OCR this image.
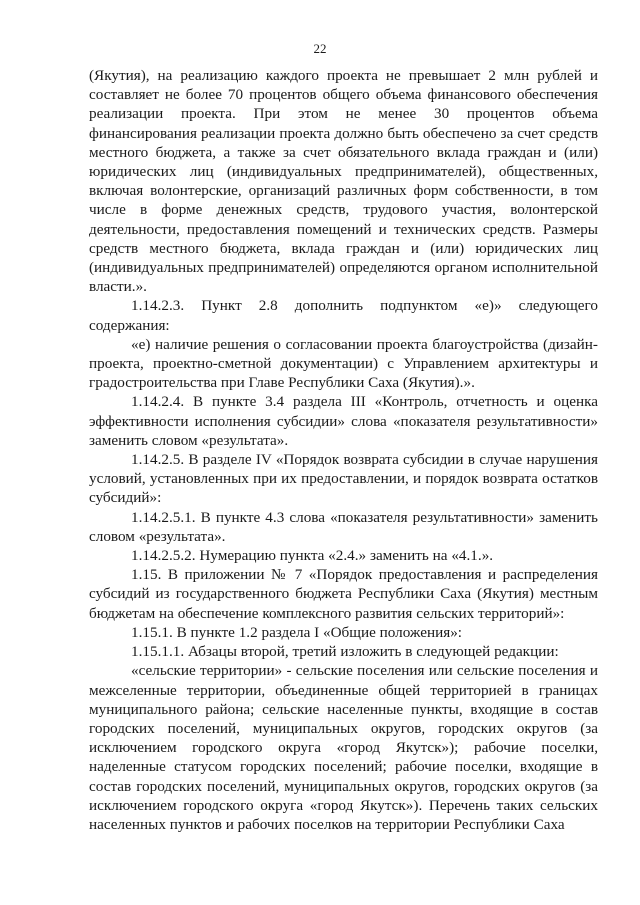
22

(Якутия), на реализацию каждого проекта не превышает 2 млн рублей и составляет не более 70 процентов общего объема финансового обеспечения реализации проекта. При этом не менее 30 процентов объема финансирования реализации проекта должно быть обеспечено за счет средств местного бюджета, а также за счет обязательного вклада граждан и (или) юридических лиц (индивидуальных предпринимателей), общественных, включая волонтерские, организаций различных форм собственности, в том числе в форме денежных средств, трудового участия, волонтерской деятельности, предоставления помещений и технических средств. Размеры средств местного бюджета, вклада граждан и (или) юридических лиц (индивидуальных предпринимателей) определяются органом исполнительной власти.».

1.14.2.3. Пункт 2.8 дополнить подпунктом «е)» следующего содержания:

«е) наличие решения о согласовании проекта благоустройства (дизайн-проекта, проектно-сметной документации) с Управлением архитектуры и градостроительства при Главе Республики Саха (Якутия).».

1.14.2.4. В пункте 3.4 раздела III «Контроль, отчетность и оценка эффективности исполнения субсидии» слова «показателя результативности» заменить словом «результата».

1.14.2.5. В разделе IV «Порядок возврата субсидии в случае нарушения условий, установленных при их предоставлении, и порядок возврата остатков субсидий»:

1.14.2.5.1. В пункте 4.3 слова «показателя результативности» заменить словом «результата».

1.14.2.5.2. Нумерацию пункта «2.4.» заменить на «4.1.».

1.15. В приложении № 7 «Порядок предоставления и распределения субсидий из государственного бюджета Республики Саха (Якутия) местным бюджетам на обеспечение комплексного развития сельских территорий»:

1.15.1. В пункте 1.2 раздела I «Общие положения»:

1.15.1.1. Абзацы второй, третий изложить в следующей редакции:

«сельские территории» - сельские поселения или сельские поселения и межселенные территории, объединенные общей территорией в границах муниципального района; сельские населенные пункты, входящие в состав городских поселений, муниципальных округов, городских округов (за исключением городского округа «город Якутск»); рабочие поселки, наделенные статусом городских поселений; рабочие поселки, входящие в состав городских поселений, муниципальных округов, городских округов (за исключением городского округа «город Якутск»). Перечень таких сельских населенных пунктов и рабочих поселков на территории Республики Саха
